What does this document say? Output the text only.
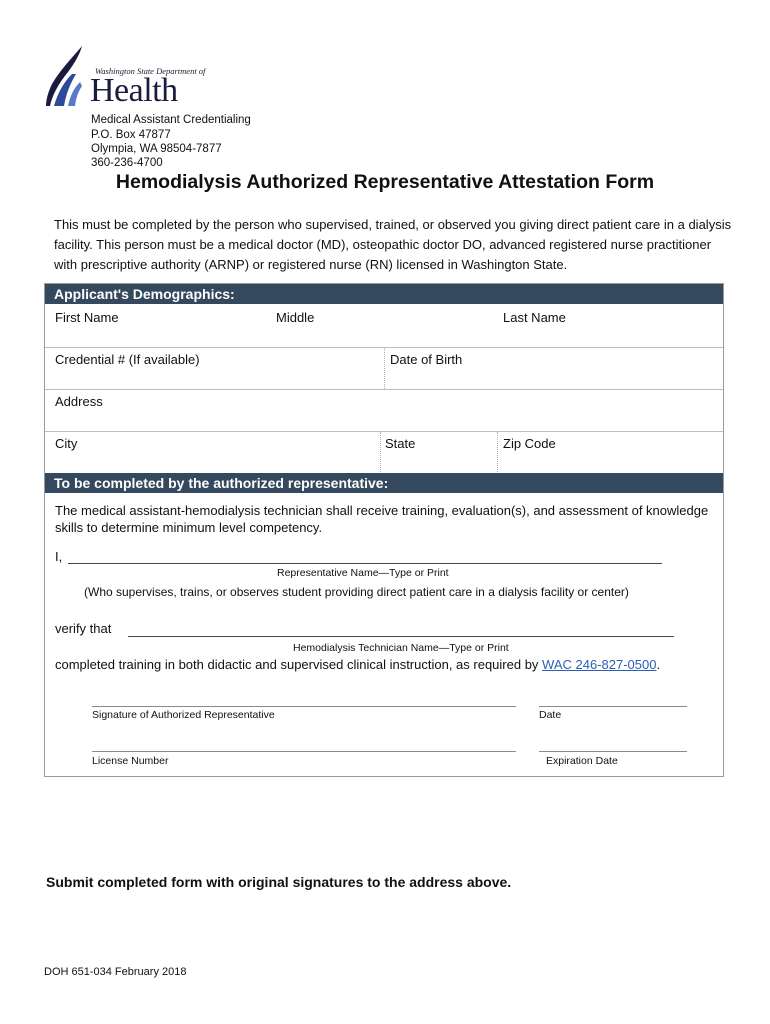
Washington State Department of
Health
Medical Assistant Credentialing
P.O. Box 47877
Olympia, WA 98504-7877
360-236-4700
Hemodialysis Authorized Representative Attestation Form
This must be completed by the person who supervised, trained, or observed you giving direct patient care in a dialysis facility. This person must be a medical doctor (MD), osteopathic doctor DO, advanced registered nurse practitioner with prescriptive authority (ARNP) or registered nurse (RN) licensed in Washington State.
Applicant's Demographics:
First Name	Middle	Last Name
Credential # (If available)	Date of Birth
Address
City	State	Zip Code
To be completed by the authorized representative:
The medical assistant-hemodialysis technician shall receive training, evaluation(s), and assessment of knowledge skills to determine minimum level competency.
I,
Representative Name—Type or Print
(Who supervises, trains, or observes student providing direct patient care in a dialysis facility or center)
verify that
Hemodialysis Technician Name—Type or Print
completed training in both didactic and supervised clinical instruction, as required by WAC 246-827-0500.
Signature of Authorized Representative	Date
License Number	Expiration Date
Submit completed form with original signatures to the address above.
DOH 651-034 February 2018
